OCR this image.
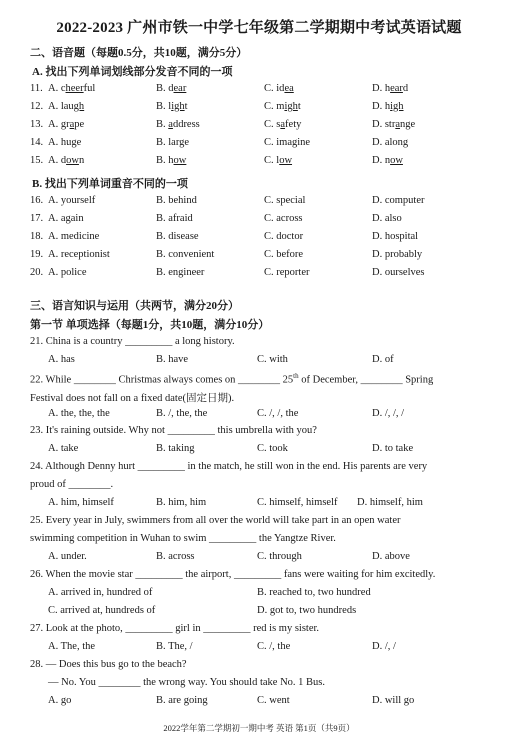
2022-2023 广州市铁一中学七年级第二学期期中考试英语试题
二、语音题（每题0.5分，共10题，满分5分）
A. 找出下列单词划线部分发音不同的一项
11. A. cheerful	B. dear	C. idea	D. heard
12. A. laugh	B. light	C. might	D. high
13. A. grape	B. address	C. safety	D. strange
14. A. huge	B. large	C. imagine	D. along
15. A. down	B. how	C. low	D. now
B. 找出下列单词重音不同的一项
16. A. yourself	B. behind	C. special	D. computer
17. A. again	B. afraid	C. across	D. also
18. A. medicine	B. disease	C. doctor	D. hospital
19. A. receptionist	B. convenient	C. before	D. probably
20. A. police	B. engineer	C. reporter	D. ourselves
三、语言知识与运用（共两节，满分20分）
第一节 单项选择（每题1分，共10题，满分10分）
21. China is a country _________ a long history.
A. has	B. have	C. with	D. of
22. While ________ Christmas always comes on ________ 25th of December, ________ Spring
Festival does not fall on a fixed date(固定日期).
A. the, the, the	B. /, the, the	C. /, /, the	D. /, /, /
23. It's raining outside. Why not _________ this umbrella with you?
A. take	B. taking	C. took	D. to take
24. Although Denny hurt _________ in the match, he still won in the end. His parents are very
proud of ________.
A. him, himself	B. him, him	C. himself, himself D. himself, him
25. Every year in July, swimmers from all over the world will take part in an open water
swimming competition in Wuhan to swim _________ the Yangtze River.
A. under.	B. across	C. through	D. above
26. When the movie star _________ the airport, _________ fans were waiting for him excitedly.
A. arrived in, hundred of	B. reached to, two hundred
C. arrived at, hundreds of	D. got to, two hundreds
27. Look at the photo, _________ girl in _________ red is my sister.
A. The, the	B. The, /	C. /, the	D. /, /
28. — Does this bus go to the beach?
— No. You ________ the wrong way. You should take No. 1 Bus.
A. go	B. are going	C. went	D. will go
2022学年第二学期初一期中考 英语 第1页（共9页）
